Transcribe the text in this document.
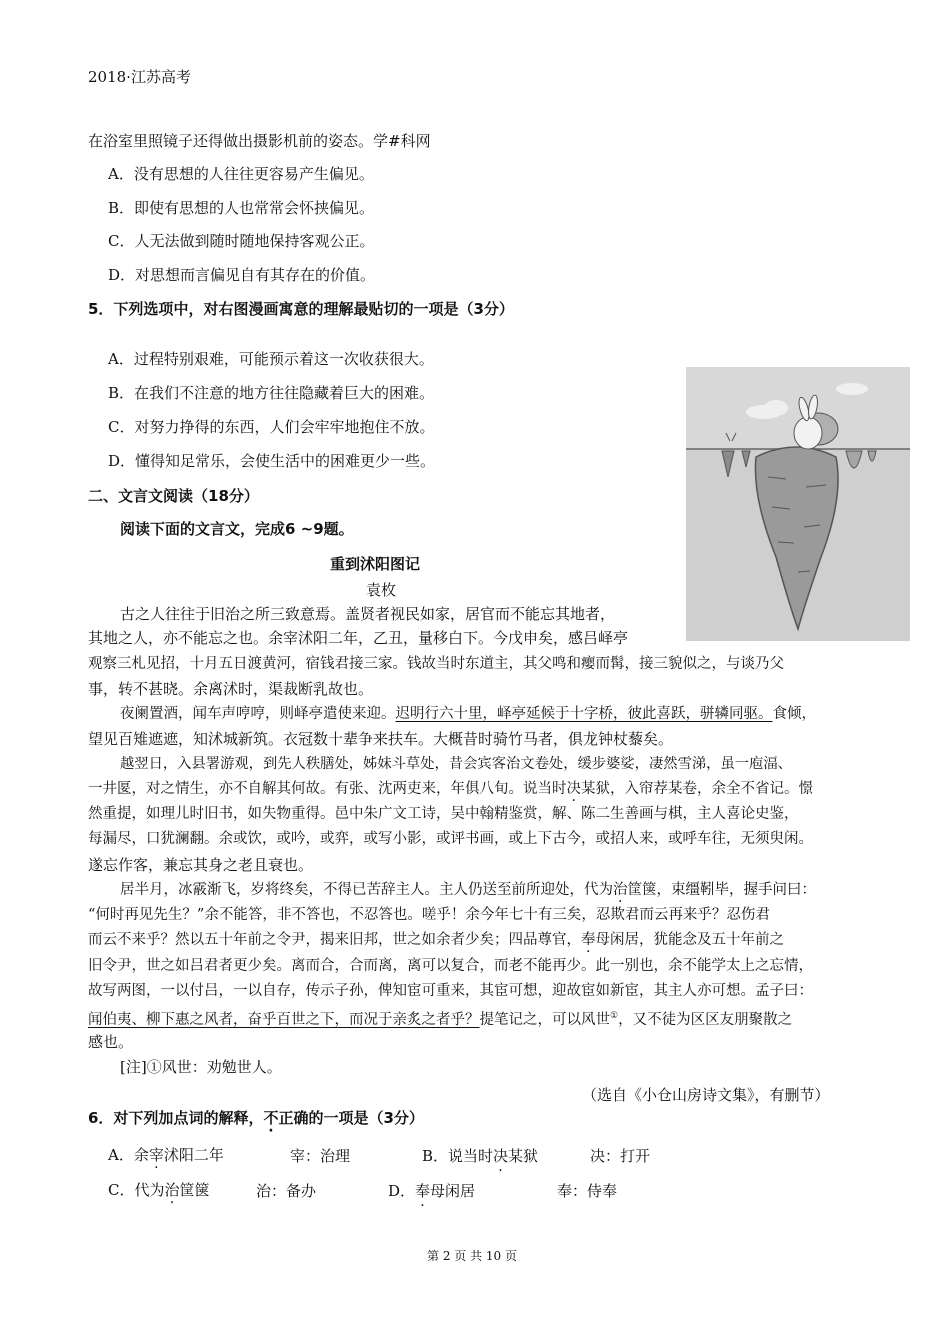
2018·江苏高考
在浴室里照镜子还得做出摄影机前的姿态。学#科网
A．没有思想的人往往更容易产生偏见。
B．即使有思想的人也常常会怀挟偏见。
C．人无法做到随时随地保持客观公正。
D．对思想而言偏见自有其存在的价值。
5．下列选项中，对右图漫画寓意的理解最贴切的一项是（3分）
A．过程特别艰难，可能预示着这一次收获很大。
B．在我们不注意的地方往往隐藏着巨大的困难。
C．对努力挣得的东西，人们会牢牢地抱住不放。
D．懂得知足常乐，会使生活中的困难更少一些。
二、文言文阅读（18分）
阅读下面的文言文，完成6 ~9题。
重到沭阳图记
袁枚
古之人往往于旧治之所三致意焉。盖贤者视民如家，居官而不能忘其地者，
其地之人，亦不能忘之也。余宰沭阳二年，乙丑，量移白下。今戊申矣，感吕峄亭
观察三札见招，十月五日渡黄河，宿钱君接三家。钱故当时东道主，其父鸣和瘿而髯，接三貌似之，与谈乃父
事，转不甚晓。余离沭时，渠裁断乳故也。
夜阑置酒，闻车声哼哼，则峄亭遣使来迎。迟明行六十里，峄亭延候于十字桥，彼此喜跃，骈辚同驱。食倾，
望见百雉遮遮，知沭城新筑。衣冠数十辈争来扶车。大概昔时骑竹马者，俱龙钟杖藜矣。
越翌日，入县署游观，到先人秩膳处，姊妹斗草处，昔会宾客治文卷处，缓步婆娑，凄然雪涕，虽一庖湢、
一井匽，对之情生，亦不自解其何故。有张、沈两吏来，年俱八旬。说当时决某狱，入帘荐某卷，余全不省记。憬
然重提，如理儿时旧书，如失物重得。邑中朱广文工诗，吴中翰精鉴赏，解、陈二生善画与棋，主人喜论史鉴，
每漏尽，口犹澜翻。余或饮，或吟，或弈，或写小影，或评书画，或上下古今，或招人来，或呼车往，无须臾闲。
遂忘作客，兼忘其身之老且衰也。
居半月，冰霰渐飞，岁将终矣，不得已苦辞主人。主人仍送至前所迎处，代为治筐箧，束缰靷毕，握手问曰：
“何时再见先生？”余不能答，非不答也，不忍答也。嗟乎！余今年七十有三矣，忍欺君而云再来乎？忍伤君
而云不来乎？然以五十年前之令尹，揭来旧邦，世之如余者少矣；四品尊官，奉母闲居，犹能念及五十年前之
旧令尹，世之如吕君者更少矣。离而合，合而离，离可以复合，而老不能再少。此一别也，余不能学太上之忘情，
故写两图，一以付吕，一以自存，传示子孙，俾知宦可重来，其宦可想，迎故宦如新宦，其主人亦可想。孟子曰：
闻伯夷、柳下惠之风者，奋乎百世之下，而况于亲炙之者乎？提笔记之，可以风世①，又不徒为区区友朋聚散之
感也。
[注]①风世：劝勉世人。
（选自《小仓山房诗文集》，有删节）
6．对下列加点词的解释，不正确的一项是（3分）
A．余宰沭阳二年	宰：治理	B．说当时决某狱	决：打开
C．代为治筐箧	治：备办	D．奉母闲居	奉：侍奉
第 2 页 共 10 页
